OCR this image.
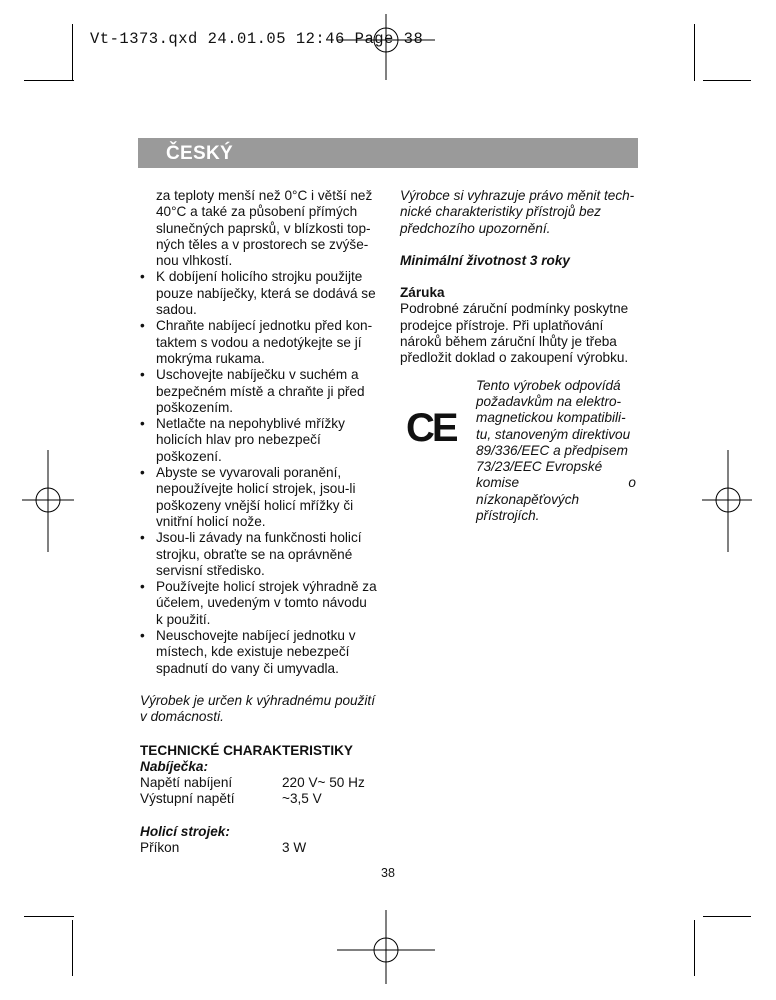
Vt-1373.qxd 24.01.05 12:46 Page 38
ČESKÝ
za teploty menší než 0°C i větší než
40°C a také za působení přímých
slunečných paprsků, v blízkosti top-
ných těles a v prostorech se zvýše-
nou vlhkostí.
• K dobíjení holicího strojku použijte
pouze nabíječky, která se dodává se
sadou.
• Chraňte nabíjecí jednotku před kon-
taktem s vodou a nedotýkejte se jí
mokrýma rukama.
• Uschovejte nabíječku v suchém a
bezpečném místě a chraňte ji před
poškozením.
• Netlačte na nepohyblivé mřížky
holicích hlav pro nebezpečí
poškození.
• Abyste se vyvarovali poranění,
nepoužívejte holicí strojek, jsou-li
poškozeny vnější holicí mřížky či
vnitřní holicí nože.
• Jsou-li závady na funkčnosti holicí
strojku, obraťte se na oprávněné
servisní středisko.
• Používejte holicí strojek výhradně za
účelem, uvedeným v tomto návodu
k použití.
• Neuschovejte nabíjecí jednotku v
místech, kde existuje nebezpečí
spadnutí do vany či umyvadla.
Výrobek je určen k výhradnému použití
v domácnosti.
TECHNICKÉ CHARAKTERISTIKY
Nabíječka:
Napětí nabíjení	220 V~ 50 Hz
Výstupní napětí	~3,5 V
Holicí strojek:
Příkon	3 W
Výrobce si vyhrazuje právo měnit tech-
nické charakteristiky přístrojů bez
předchozího upozornění.
Minimální životnost 3 roky
Záruka
Podrobné záruční podmínky poskytne
prodejce přístroje. Při uplatňování
nároků během záruční lhůty je třeba
předložit doklad o zakoupení výrobku.
CE
Tento výrobek odpovídá
požadavkům na elektro-
magnetickou kompatibili-
tu, stanoveným direktivou
89/336/EEC a předpisem
73/23/EEC Evropské
komise o nízkonapěťových
přístrojích.
38
